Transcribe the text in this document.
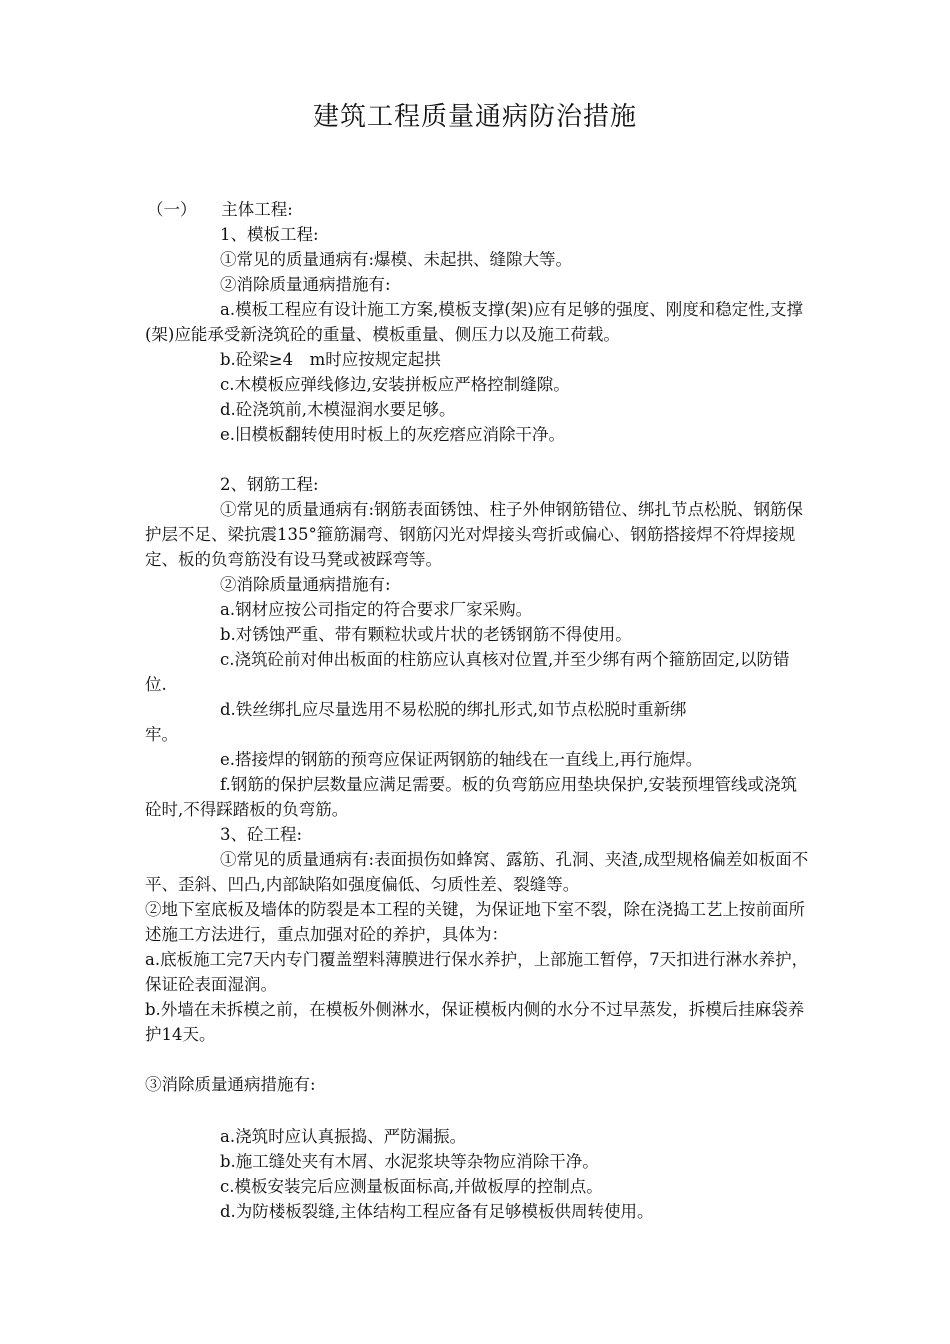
建筑工程质量通病防治措施

（一）　　主体工程:

1、模板工程:

①常见的质量通病有:爆模、未起拱、缝隙大等。

②消除质量通病措施有:

a.模板工程应有设计施工方案,模板支撑(架)应有足够的强度、刚度和稳定性,支撑(架)应能承受新浇筑砼的重量、模板重量、侧压力以及施工荷载。

b.砼梁≥4　m时应按规定起拱

c.木模板应弹线修边,安装拼板应严格控制缝隙。

d.砼浇筑前,木模湿润水要足够。

e.旧模板翻转使用时板上的灰疙瘩应消除干净。

2、钢筋工程:

①常见的质量通病有:钢筋表面锈蚀、柱子外伸钢筋错位、绑扎节点松脱、钢筋保护层不足、梁抗震135°箍筋漏弯、钢筋闪光对焊接头弯折或偏心、钢筋搭接焊不符焊接规定、板的负弯筋没有设马凳或被踩弯等。

②消除质量通病措施有:

a.钢材应按公司指定的符合要求厂家采购。

b.对锈蚀严重、带有颗粒状或片状的老锈钢筋不得使用。

c.浇筑砼前对伸出板面的柱筋应认真核对位置,并至少绑有两个箍筋固定,以防错位.

d.铁丝绑扎应尽量选用不易松脱的绑扎形式,如节点松脱时重新绑
牢。

e.搭接焊的钢筋的预弯应保证两钢筋的轴线在一直线上,再行施焊。

f.钢筋的保护层数量应满足需要。板的负弯筋应用垫块保护,安装预埋管线或浇筑砼时,不得踩踏板的负弯筋。

3、砼工程:

①常见的质量通病有:表面损伤如蜂窝、露筋、孔洞、夹渣,成型规格偏差如板面不平、歪斜、凹凸,内部缺陷如强度偏低、匀质性差、裂缝等。

②地下室底板及墙体的防裂是本工程的关键，为保证地下室不裂，除在浇捣工艺上按前面所述施工方法进行，重点加强对砼的养护，具体为：

a.底板施工完7天内专门覆盖塑料薄膜进行保水养护，上部施工暂停，7天扣进行淋水养护，保证砼表面湿润。

b.外墙在未拆模之前，在模板外侧淋水，保证模板内侧的水分不过早蒸发，拆模后挂麻袋养护14天。

③消除质量通病措施有:

a.浇筑时应认真振捣、严防漏振。

b.施工缝处夹有木屑、水泥浆块等杂物应消除干净。

c.模板安装完后应测量板面标高,并做板厚的控制点。

d.为防楼板裂缝,主体结构工程应备有足够模板供周转使用。
